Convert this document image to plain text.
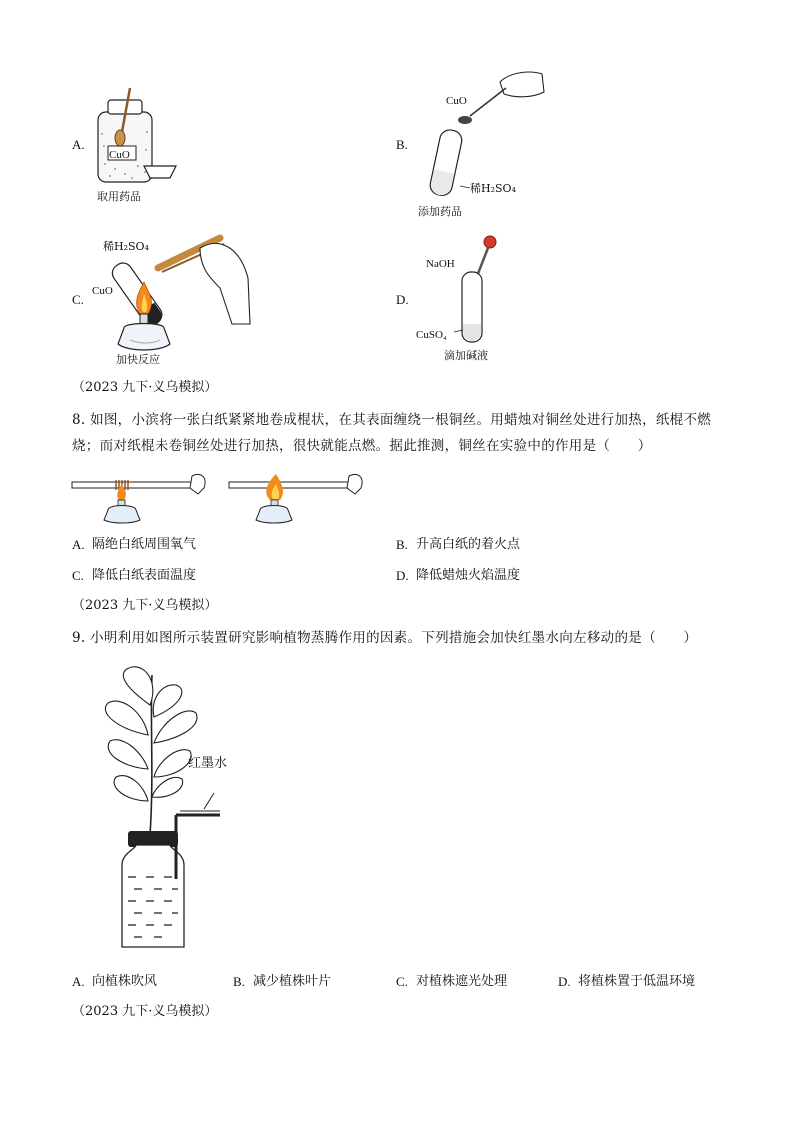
A.
CuO
取用药品
B.
CuO
稀H₂SO₄
添加药品
C.
稀H₂SO₄
CuO
加快反应
D.
NaOH
CuSO₄
滴加碱液
（2023 九下·义乌模拟）
8. 如图，小滨将一张白纸紧紧地卷成棍状，在其表面缠绕一根铜丝。用蜡烛对铜丝处进行加热，纸棍不燃烧；而对纸棍未卷铜丝处进行加热，很快就能点燃。据此推测，铜丝在实验中的作用是（　　）
A. 隔绝白纸周围氧气	B. 升高白纸的着火点
C. 降低白纸表面温度	D. 降低蜡烛火焰温度
（2023 九下·义乌模拟）
9. 小明利用如图所示装置研究影响植物蒸腾作用的因素。下列措施会加快红墨水向左移动的是（　　）
红墨水
A. 向植株吹风	B. 减少植株叶片	C. 对植株遮光处理	D. 将植株置于低温环境
（2023 九下·义乌模拟）
